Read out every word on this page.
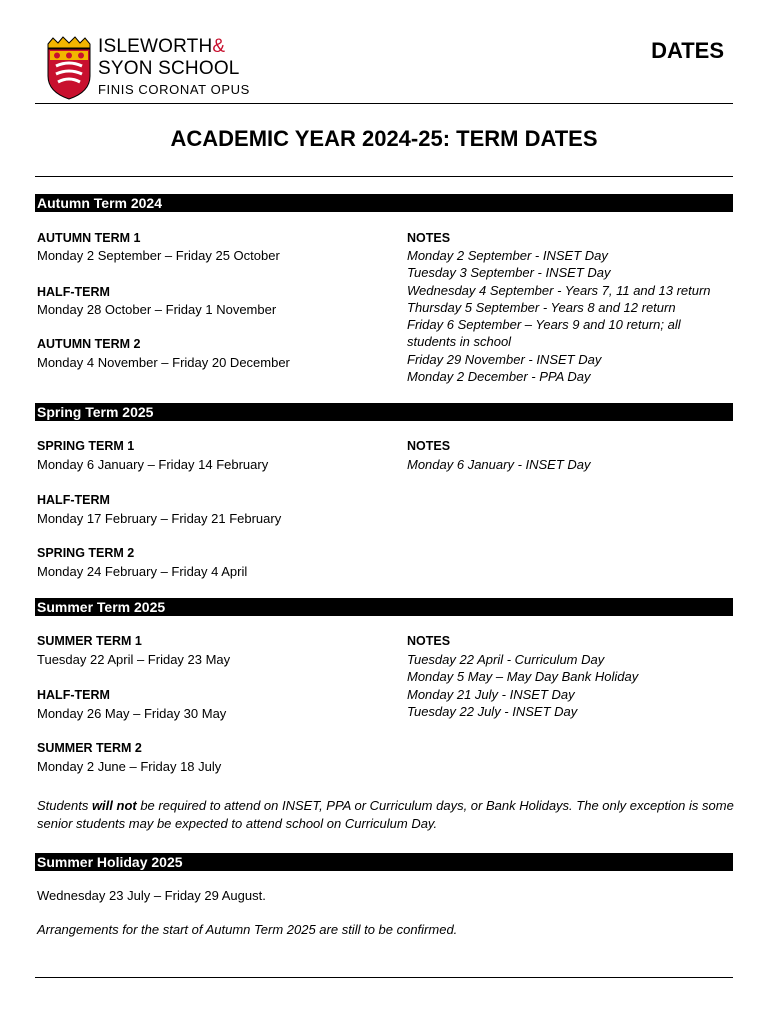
ISLEWORTH&
SYON SCHOOL
FINIS CORONAT OPUS
DATES
ACADEMIC YEAR 2024-25: TERM DATES
Autumn Term 2024
AUTUMN TERM 1
Monday 2 September – Friday 25 October
HALF-TERM
Monday 28 October – Friday 1 November
AUTUMN TERM 2
Monday 4 November – Friday 20 December
NOTES
Monday 2 September - INSET Day
Tuesday 3 September - INSET Day
Wednesday 4 September - Years 7, 11 and 13 return
Thursday 5 September - Years 8 and 12 return
Friday 6 September – Years 9 and 10 return; all
students in school
Friday 29 November - INSET Day
Monday 2 December - PPA Day
Spring Term 2025
SPRING TERM 1
Monday 6 January – Friday 14 February
HALF-TERM
Monday 17 February – Friday 21 February
SPRING TERM 2
Monday 24 February – Friday 4 April
NOTES
Monday 6 January - INSET Day
Summer Term 2025
SUMMER TERM 1
Tuesday 22 April – Friday 23 May
HALF-TERM
Monday 26 May – Friday 30 May
SUMMER TERM 2
Monday 2 June – Friday 18 July
NOTES
Tuesday 22 April - Curriculum Day
Monday 5 May – May Day Bank Holiday
Monday 21 July - INSET Day
Tuesday 22 July - INSET Day
Students will not be required to attend on INSET, PPA or Curriculum days, or Bank Holidays. The only exception is some senior students may be expected to attend school on Curriculum Day.
Summer Holiday 2025
Wednesday 23 July – Friday 29 August.
Arrangements for the start of Autumn Term 2025 are still to be confirmed.
